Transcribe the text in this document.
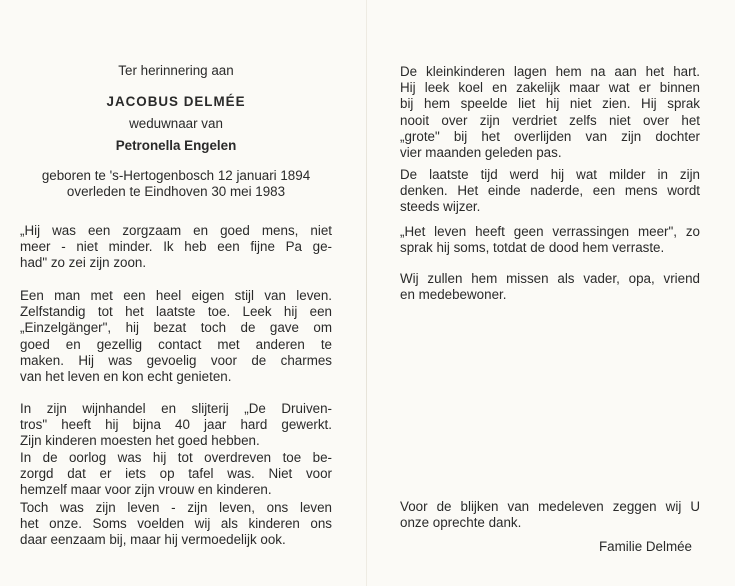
Ter herinnering aan

JACOBUS DELMÉE

weduwnaar van

Petronella Engelen

geboren te 's-Hertogenbosch 12 januari 1894

overleden te Eindhoven 30 mei 1983

„Hij was een zorgzaam en goed mens, niet
meer - niet minder. Ik heb een fijne Pa ge-
had" zo zei zijn zoon.
Een man met een heel eigen stijl van leven.
Zelfstandig tot het laatste toe. Leek hij een
„Einzelgänger", hij bezat toch de gave om
goed en gezellig contact met anderen te
maken. Hij was gevoelig voor de charmes
van het leven en kon echt genieten.
In zijn wijnhandel en slijterij „De Druiven-
tros" heeft hij bijna 40 jaar hard gewerkt.
Zijn kinderen moesten het goed hebben.
In de oorlog was hij tot overdreven toe be-
zorgd dat er iets op tafel was. Niet voor
hemzelf maar voor zijn vrouw en kinderen.
Toch was zijn leven - zijn leven, ons leven
het onze. Soms voelden wij als kinderen ons
daar eenzaam bij, maar hij vermoedelijk ook.
De kleinkinderen lagen hem na aan het hart.
Hij leek koel en zakelijk maar wat er binnen
bij hem speelde liet hij niet zien. Hij sprak
nooit over zijn verdriet zelfs niet over het
„grote" bij het overlijden van zijn dochter
vier maanden geleden pas.
De laatste tijd werd hij wat milder in zijn
denken. Het einde naderde, een mens wordt
steeds wijzer.
„Het leven heeft geen verrassingen meer", zo
sprak hij soms, totdat de dood hem verraste.
Wij zullen hem missen als vader, opa, vriend
en medebewoner.
Voor de blijken van medeleven zeggen wij U
onze oprechte dank.

Familie Delmée
